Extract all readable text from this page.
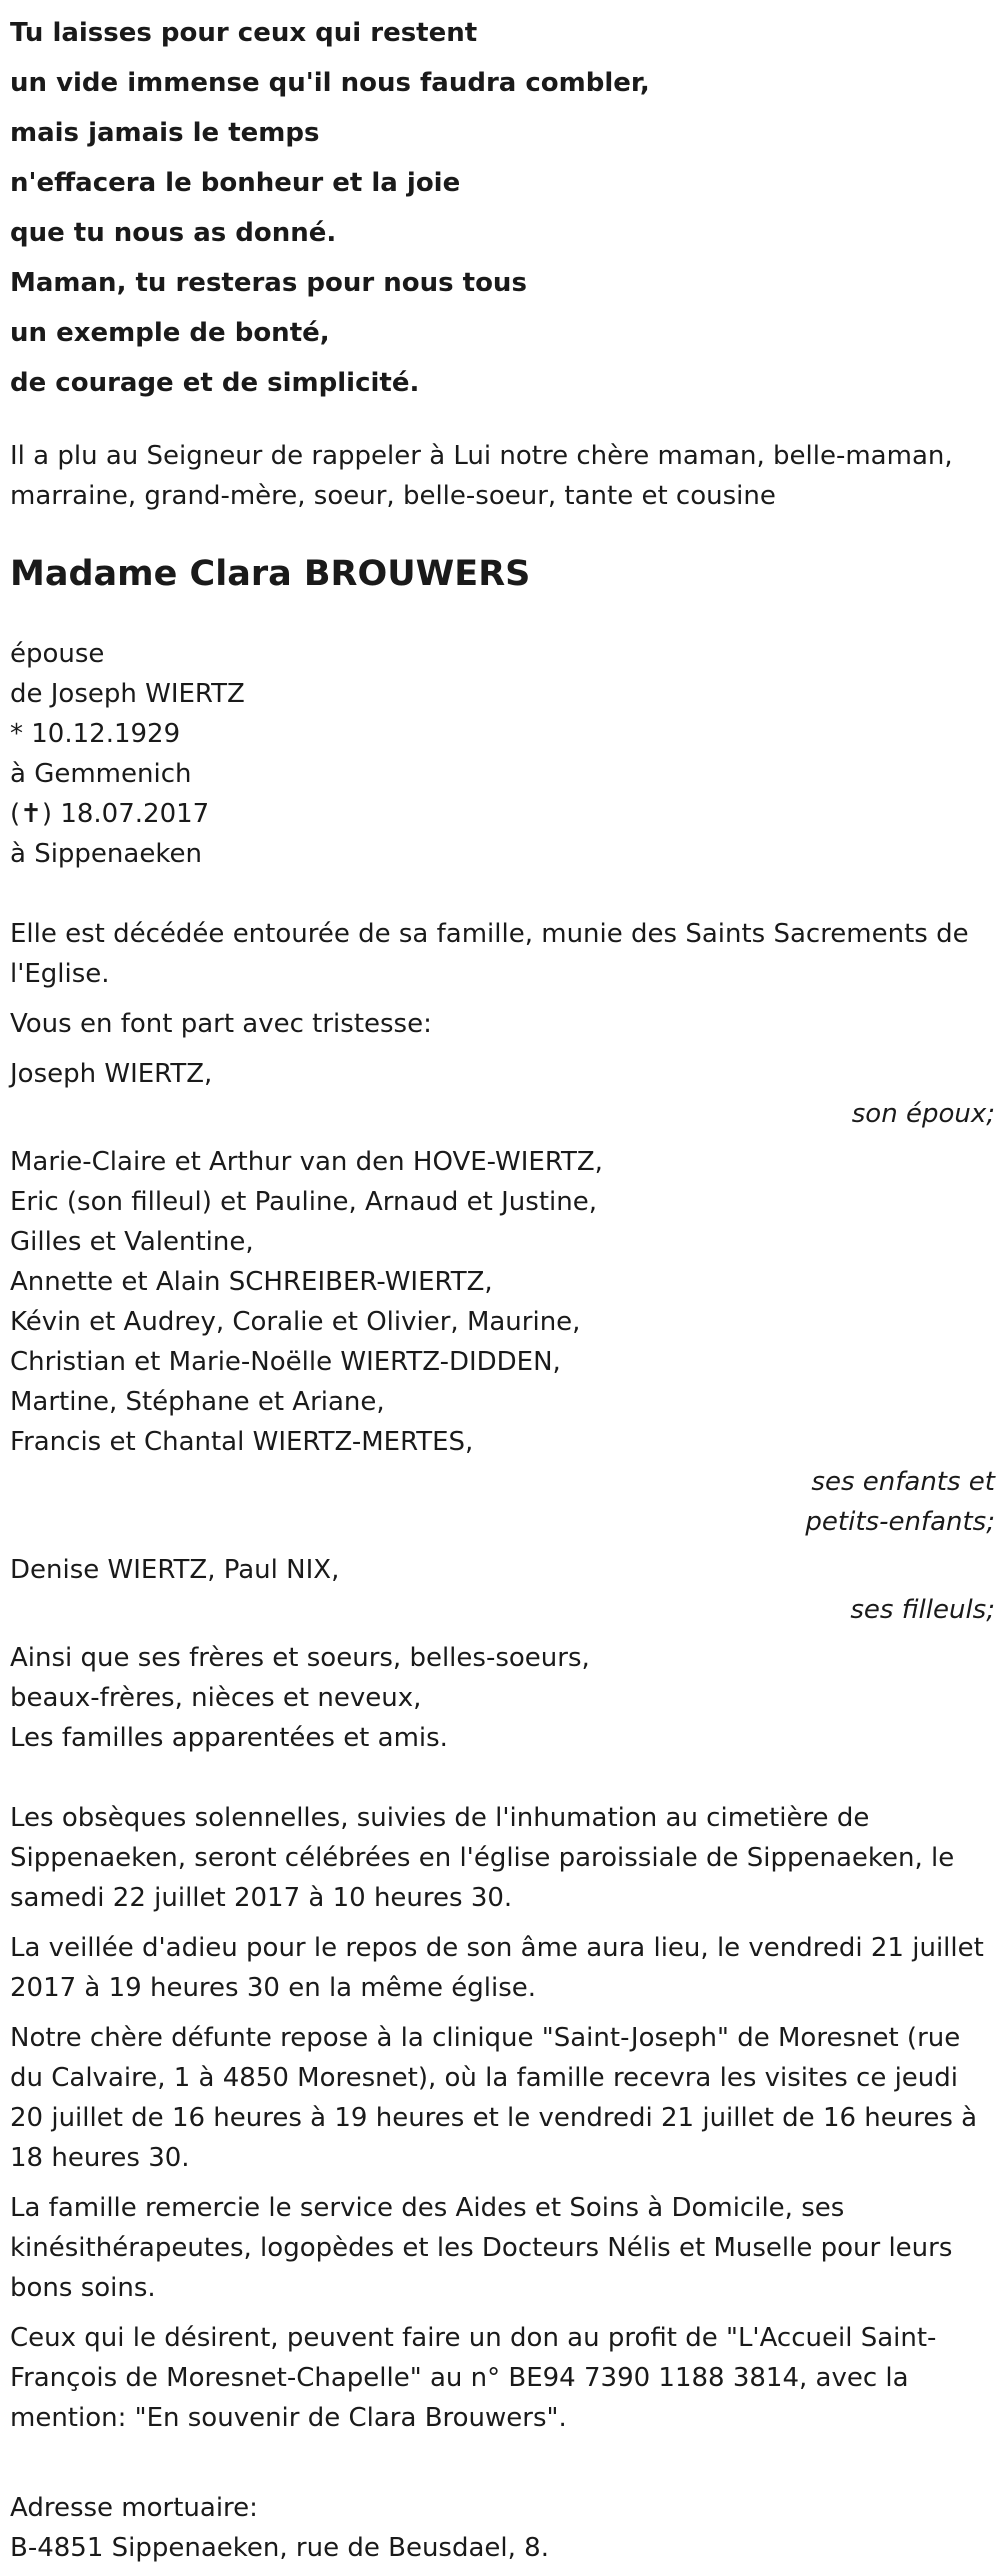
Tu laisses pour ceux qui restent
un vide immense qu'il nous faudra combler,
mais jamais le temps
n'effacera le bonheur et la joie
que tu nous as donné.
Maman, tu resteras pour nous tous
un exemple de bonté,
de courage et de simplicité.
Il a plu au Seigneur de rappeler à Lui notre chère maman, belle-maman, marraine, grand-mère, soeur, belle-soeur, tante et cousine
Madame Clara BROUWERS
épouse
de Joseph WIERTZ
* 10.12.1929
à Gemmenich
(✝) 18.07.2017
à Sippenaeken

Elle est décédée entourée de sa famille, munie des Saints Sacrements de l'Eglise.

Vous en font part avec tristesse:

Joseph WIERTZ,
son époux;
Marie-Claire et Arthur van den HOVE-WIERTZ,
Eric (son filleul) et Pauline, Arnaud et Justine,
Gilles et Valentine,
Annette et Alain SCHREIBER-WIERTZ,
Kévin et Audrey, Coralie et Olivier, Maurine,
Christian et Marie-Noëlle WIERTZ-DIDDEN,
Martine, Stéphane et Ariane,
Francis et Chantal WIERTZ-MERTES,
ses enfants et
petits-enfants;
Denise WIERTZ, Paul NIX,
ses filleuls;
Ainsi que ses frères et soeurs, belles-soeurs,
beaux-frères, nièces et neveux,
Les familles apparentées et amis.

Les obsèques solennelles, suivies de l'inhumation au cimetière de Sippenaeken, seront célébrées en l'église paroissiale de Sippenaeken, le samedi 22 juillet 2017 à 10 heures 30.

La veillée d'adieu pour le repos de son âme aura lieu, le vendredi 21 juillet 2017 à 19 heures 30 en la même église.

Notre chère défunte repose à la clinique "Saint-Joseph" de Moresnet (rue du Calvaire, 1 à 4850 Moresnet), où la famille recevra les visites ce jeudi 20 juillet de 16 heures à 19 heures et le vendredi 21 juillet de 16 heures à 18 heures 30.

La famille remercie le service des Aides et Soins à Domicile, ses kinésithérapeutes, logopèdes et les Docteurs Nélis et Muselle pour leurs bons soins.

Ceux qui le désirent, peuvent faire un don au profit de "L'Accueil Saint-François de Moresnet-Chapelle" au n° BE94 7390 1188 3814, avec la mention: "En souvenir de Clara Brouwers".

Adresse mortuaire:
B-4851 Sippenaeken, rue de Beusdael, 8.
